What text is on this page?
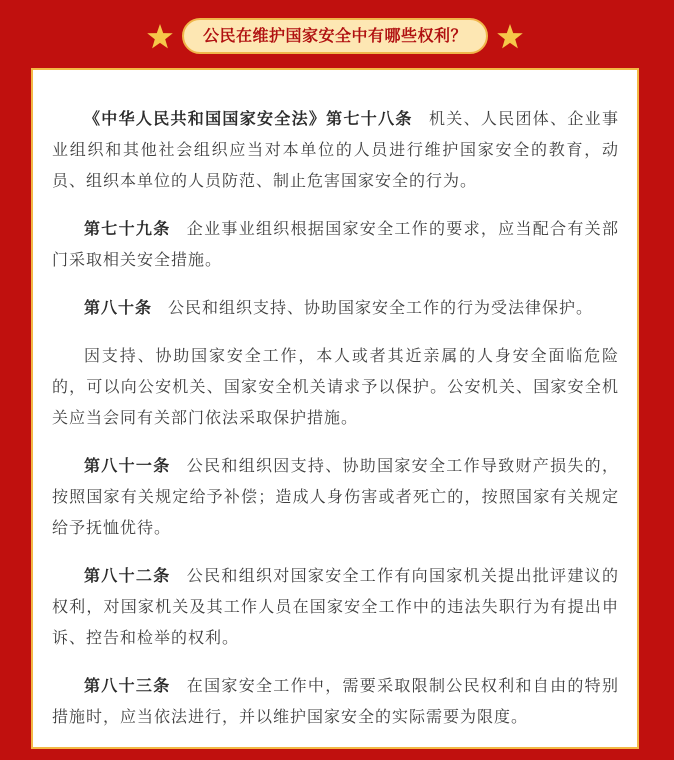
公民在维护国家安全中有哪些权利？

《中华人民共和国国家安全法》第七十八条 机关、人民团体、企业事业组织和其他社会组织应当对本单位的人员进行维护国家安全的教育，动员、组织本单位的人员防范、制止危害国家安全的行为。

第七十九条 企业事业组织根据国家安全工作的要求，应当配合有关部门采取相关安全措施。

第八十条 公民和组织支持、协助国家安全工作的行为受法律保护。

因支持、协助国家安全工作，本人或者其近亲属的人身安全面临危险的，可以向公安机关、国家安全机关请求予以保护。公安机关、国家安全机关应当会同有关部门依法采取保护措施。

第八十一条 公民和组织因支持、协助国家安全工作导致财产损失的，按照国家有关规定给予补偿；造成人身伤害或者死亡的，按照国家有关规定给予抚恤优待。

第八十二条 公民和组织对国家安全工作有向国家机关提出批评建议的权利，对国家机关及其工作人员在国家安全工作中的违法失职行为有提出申诉、控告和检举的权利。

第八十三条 在国家安全工作中，需要采取限制公民权利和自由的特别措施时，应当依法进行，并以维护国家安全的实际需要为限度。
